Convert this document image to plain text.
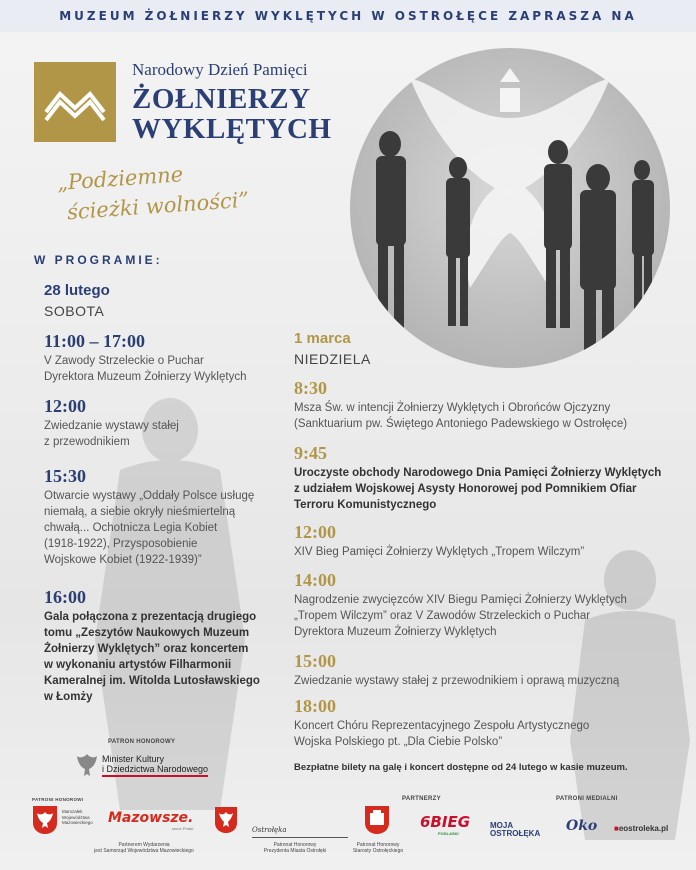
MUZEUM ŻOŁNIERZY WYKLĘTYCH W OSTROŁĘCE ZAPRASZA NA
Narodowy Dzień Pamięci
ŻOŁNIERZY
WYKLĘTYCH
„Podziemne
ścieżki wolności”
W PROGRAMIE:
28 lutego
SOBOTA
11:00 – 17:00
V Zawody Strzeleckie o Puchar
Dyrektora Muzeum Żołnierzy Wyklętych
12:00
Zwiedzanie wystawy stałej
z przewodnikiem
15:30
Otwarcie wystawy „Oddały Polsce usługę
niemałą, a siebie okryły nieśmiertelną
chwałą... Ochotnicza Legia Kobiet
(1918-1922), Przysposobienie
Wojskowe Kobiet (1922-1939)”
16:00
Gala połączona z prezentacją drugiego
tomu „Zeszytów Naukowych Muzeum
Żołnierzy Wyklętych” oraz koncertem
w wykonaniu artystów Filharmonii
Kameralnej im. Witolda Lutosławskiego
w Łomży
1 marca
NIEDZIELA
8:30
Msza Św. w intencji Żołnierzy Wyklętych i Obrońców Ojczyzny
(Sanktuarium pw. Świętego Antoniego Padewskiego w Ostrołęce)
9:45
Uroczyste obchody Narodowego Dnia Pamięci Żołnierzy Wyklętych
z udziałem Wojskowej Asysty Honorowej pod Pomnikiem Ofiar
Terroru Komunistycznego
12:00
XIV Bieg Pamięci Żołnierzy Wyklętych „Tropem Wilczym”
14:00
Nagrodzenie zwycięzców XIV Biegu Pamięci Żołnierzy Wyklętych
„Tropem Wilczym” oraz V Zawodów Strzeleckich o Puchar
Dyrektora Muzeum Żołnierzy Wyklętych
15:00
Zwiedzanie wystawy stałej z przewodnikiem i oprawą muzyczną
18:00
Koncert Chóru Reprezentacyjnego Zespołu Artystycznego
Wojska Polskiego pt. „Dla Ciebie Polsko”
PATRON HONOROWY
Minister Kultury
i Dziedzictwa Narodowego	Bezpłatne bilety na galę i koncert dostępne od 24 lutego w kasie muzeum.
PATRONI HONOROWI	PARTNERZY	PATRONI MEDIALNI
Marszałek
Województwa
Mazowieckiego Mazowsze.
serce Polski
Partnerem Wydarzenia
jest Samorząd Województwa Mazowieckiego
Ostrołęka
Patronat Honorowy
Prezydenta Miasta Ostrołęki
Patronat Honorowy
Starosty Ostrołęckiego
6BIEG
PODLASKI
MOJA
OSTROŁĘKA Oko ■eostroleka.pl
